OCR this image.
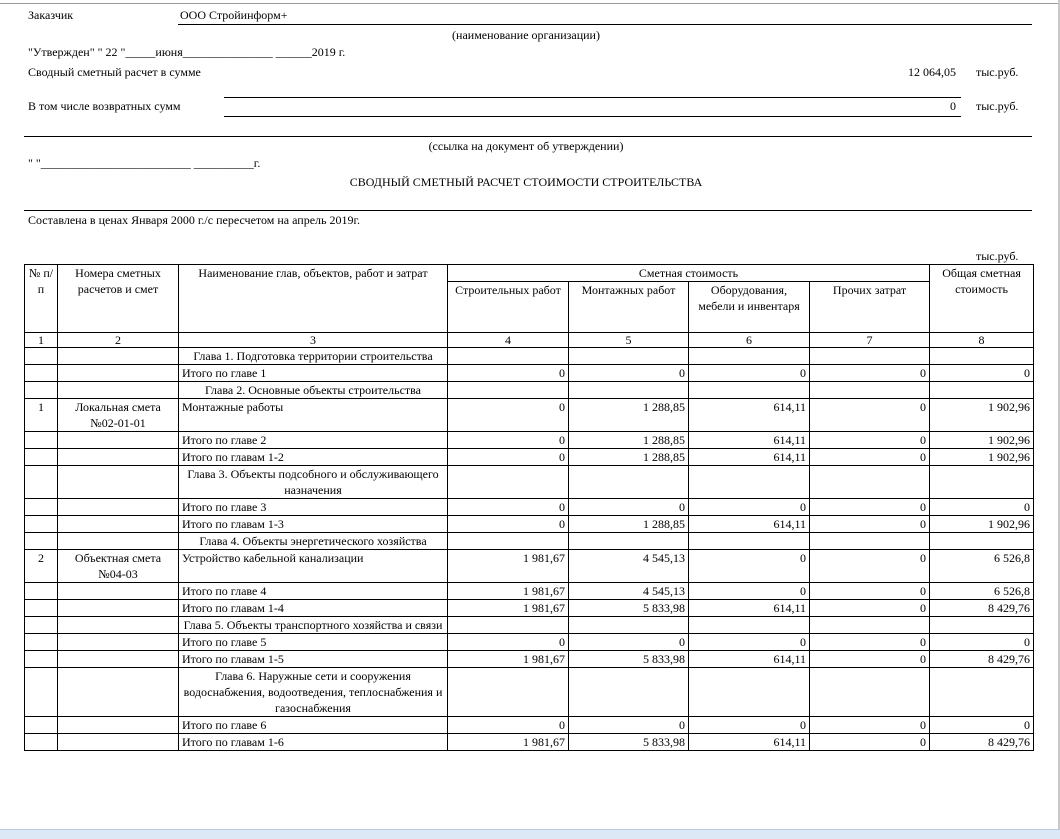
Заказчик	ООО Стройинформ+
(наименование организации)
"Утвержден" " 22 "_____июня_______________ ______2019 г.
Сводный сметный расчет в сумме	12 064,05 тыс.руб.
В том числе возвратных сумм	0 тыс.руб.
(ссылка на документ об утверждении)
" "_________________________ __________г.
СВОДНЫЙ СМЕТНЫЙ РАСЧЕТ СТОИМОСТИ СТРОИТЕЛЬСТВА
Составлена в ценах Января 2000 г./с пересчетом на апрель 2019г.
тыс.руб.
№ п/п	Номера сметных расчетов и смет	Наименование глав, объектов, работ и затрат	Сметная стоимость				Общая сметная стоимость
			Строительных работ	Монтажных работ	Оборудования, мебели и инвентаря	Прочих затрат	
1	2	3	4	5	6	7	8
		Глава 1. Подготовка территории строительства					
		Итого по главе 1	0	0	0	0	0
		Глава 2. Основные объекты строительства					
1	Локальная смета №02-01-01	Монтажные работы	0	1 288,85	614,11	0	1 902,96
		Итого по главе 2	0	1 288,85	614,11	0	1 902,96
		Итого по главам 1-2	0	1 288,85	614,11	0	1 902,96
		Глава 3. Объекты подсобного и обслуживающего назначения					
		Итого по главе 3	0	0	0	0	0
		Итого по главам 1-3	0	1 288,85	614,11	0	1 902,96
		Глава 4. Объекты энергетического хозяйства					
2	Объектная смета №04-03	Устройство кабельной канализации	1 981,67	4 545,13	0	0	6 526,8
		Итого по главе 4	1 981,67	4 545,13	0	0	6 526,8
		Итого по главам 1-4	1 981,67	5 833,98	614,11	0	8 429,76
		Глава 5. Объекты транспортного хозяйства и связи					
		Итого по главе 5	0	0	0	0	0
		Итого по главам 1-5	1 981,67	5 833,98	614,11	0	8 429,76
		Глава 6. Наружные сети и сооружения водоснабжения, водоотведения, теплоснабжения и газоснабжения					
		Итого по главе 6	0	0	0	0	0
		Итого по главам 1-6	1 981,67	5 833,98	614,11	0	8 429,76
